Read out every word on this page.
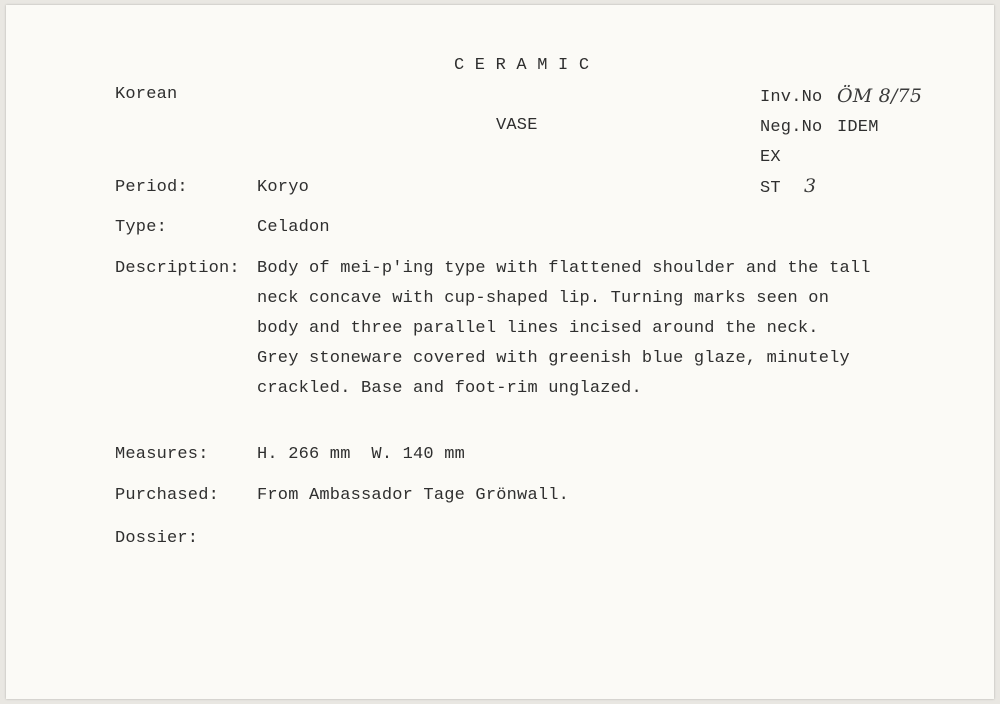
C E R A M I C
Korean
VASE
Inv.No ÖM 8/75
Neg.No IDEM
EX
ST 3
Period:	Koryo
Type:	Celadon
Description: Body of mei-p'ing type with flattened shoulder and the tall
neck concave with cup-shaped lip. Turning marks seen on
body and three parallel lines incised around the neck.
Grey stoneware covered with greenish blue glaze, minutely
crackled. Base and foot-rim unglazed.
Measures:	H. 266 mm  W. 140 mm
Purchased: From Ambassador Tage Grönwall.
Dossier:
